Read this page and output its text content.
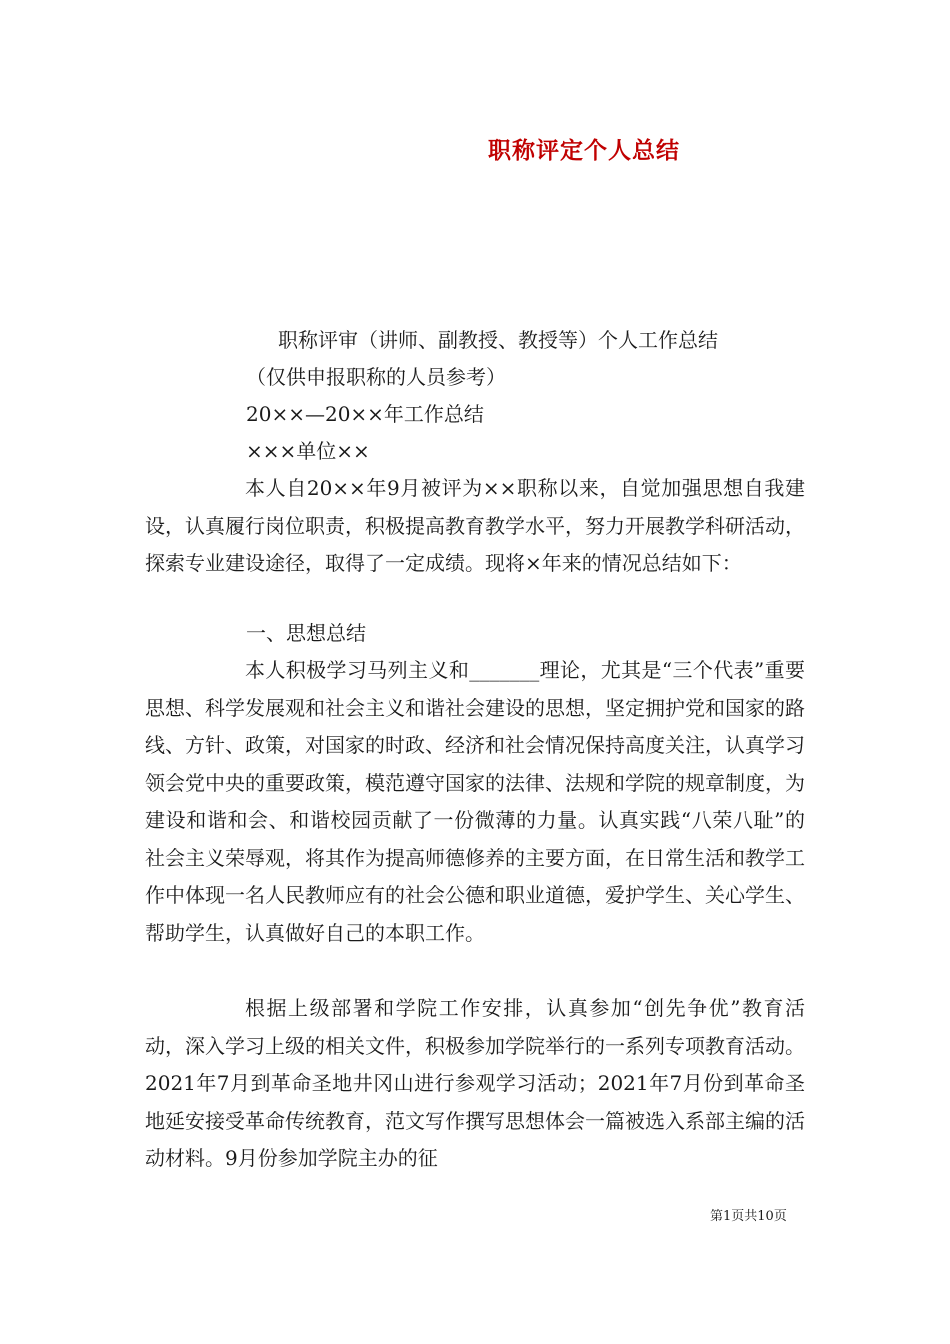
职称评定个人总结
职称评审（讲师、副教授、教授等）个人工作总结
（仅供申报职称的人员参考）
20××—20××年工作总结
×××单位××

本人自20××年9月被评为××职称以来，自觉加强思想自我建设，认真履行岗位职责，积极提高教育教学水平，努力开展教学科研活动，探索专业建设途径，取得了一定成绩。现将×年来的情况总结如下：

一、思想总结

本人积极学习马列主义和_______理论，尤其是“三个代表”重要思想、科学发展观和社会主义和谐社会建设的思想，坚定拥护党和国家的路线、方针、政策，对国家的时政、经济和社会情况保持高度关注，认真学习领会党中央的重要政策，模范遵守国家的法律、法规和学院的规章制度，为建设和谐和会、和谐校园贡献了一份微薄的力量。认真实践“八荣八耻”的社会主义荣辱观，将其作为提高师德修养的主要方面，在日常生活和教学工作中体现一名人民教师应有的社会公德和职业道德，爱护学生、关心学生、帮助学生，认真做好自己的本职工作。

根据上级部署和学院工作安排，认真参加“创先争优”教育活动，深入学习上级的相关文件，积极参加学院举行的一系列专项教育活动。2021年7月到革命圣地井冈山进行参观学习活动；2021年7月份到革命圣地延安接受革命传统教育，范文写作撰写思想体会一篇被选入系部主编的活动材料。9月份参加学院主办的征

第1页共10页
